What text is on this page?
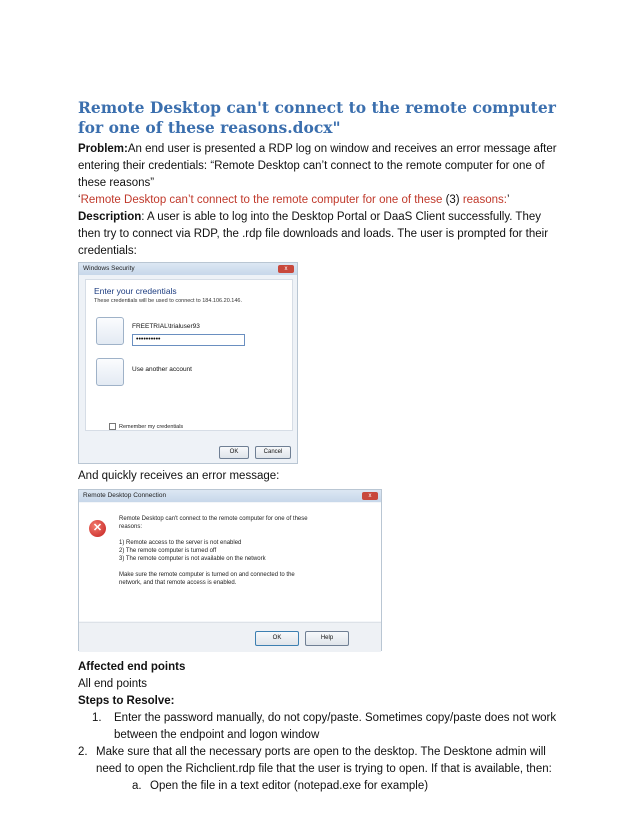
Remote Desktop can't connect to the remote computer for one of these reasons.docx"

Problem:An end user is presented a RDP log on window and receives an error message after entering their credentials: “Remote Desktop can’t connect to the remote computer for one of these reasons”

‘Remote Desktop can’t connect to the remote computer for one of these (3) reasons:’

Description: A user is able to log into the Desktop Portal or DaaS Client successfully. They then try to connect via RDP, the .rdp file downloads and loads. The user is prompted for their credentials:

Windows Security	x
Enter your credentials
These credentials will be used to connect to 184.106.20.146.
FREETRIAL\trialuser93
••••••••••
Use another account
Remember my credentials
OK	Cancel

And quickly receives an error message:

Remote Desktop Connection	x
✕
Remote Desktop can't connect to the remote computer for one of these
reasons:
1) Remote access to the server is not enabled
2) The remote computer is turned off
3) The remote computer is not available on the network
Make sure the remote computer is turned on and connected to the
network, and that remote access is enabled.
OK	Help

Affected end points

All end points

Steps to Resolve:

1. Enter the password manually, do not copy/paste. Sometimes copy/paste does not work between the endpoint and logon window
2. Make sure that all the necessary ports are open to the desktop. The Desktone admin will need to open the Richclient.rdp file that the user is trying to open. If that is available, then:
a. Open the file in a text editor (notepad.exe for example)
